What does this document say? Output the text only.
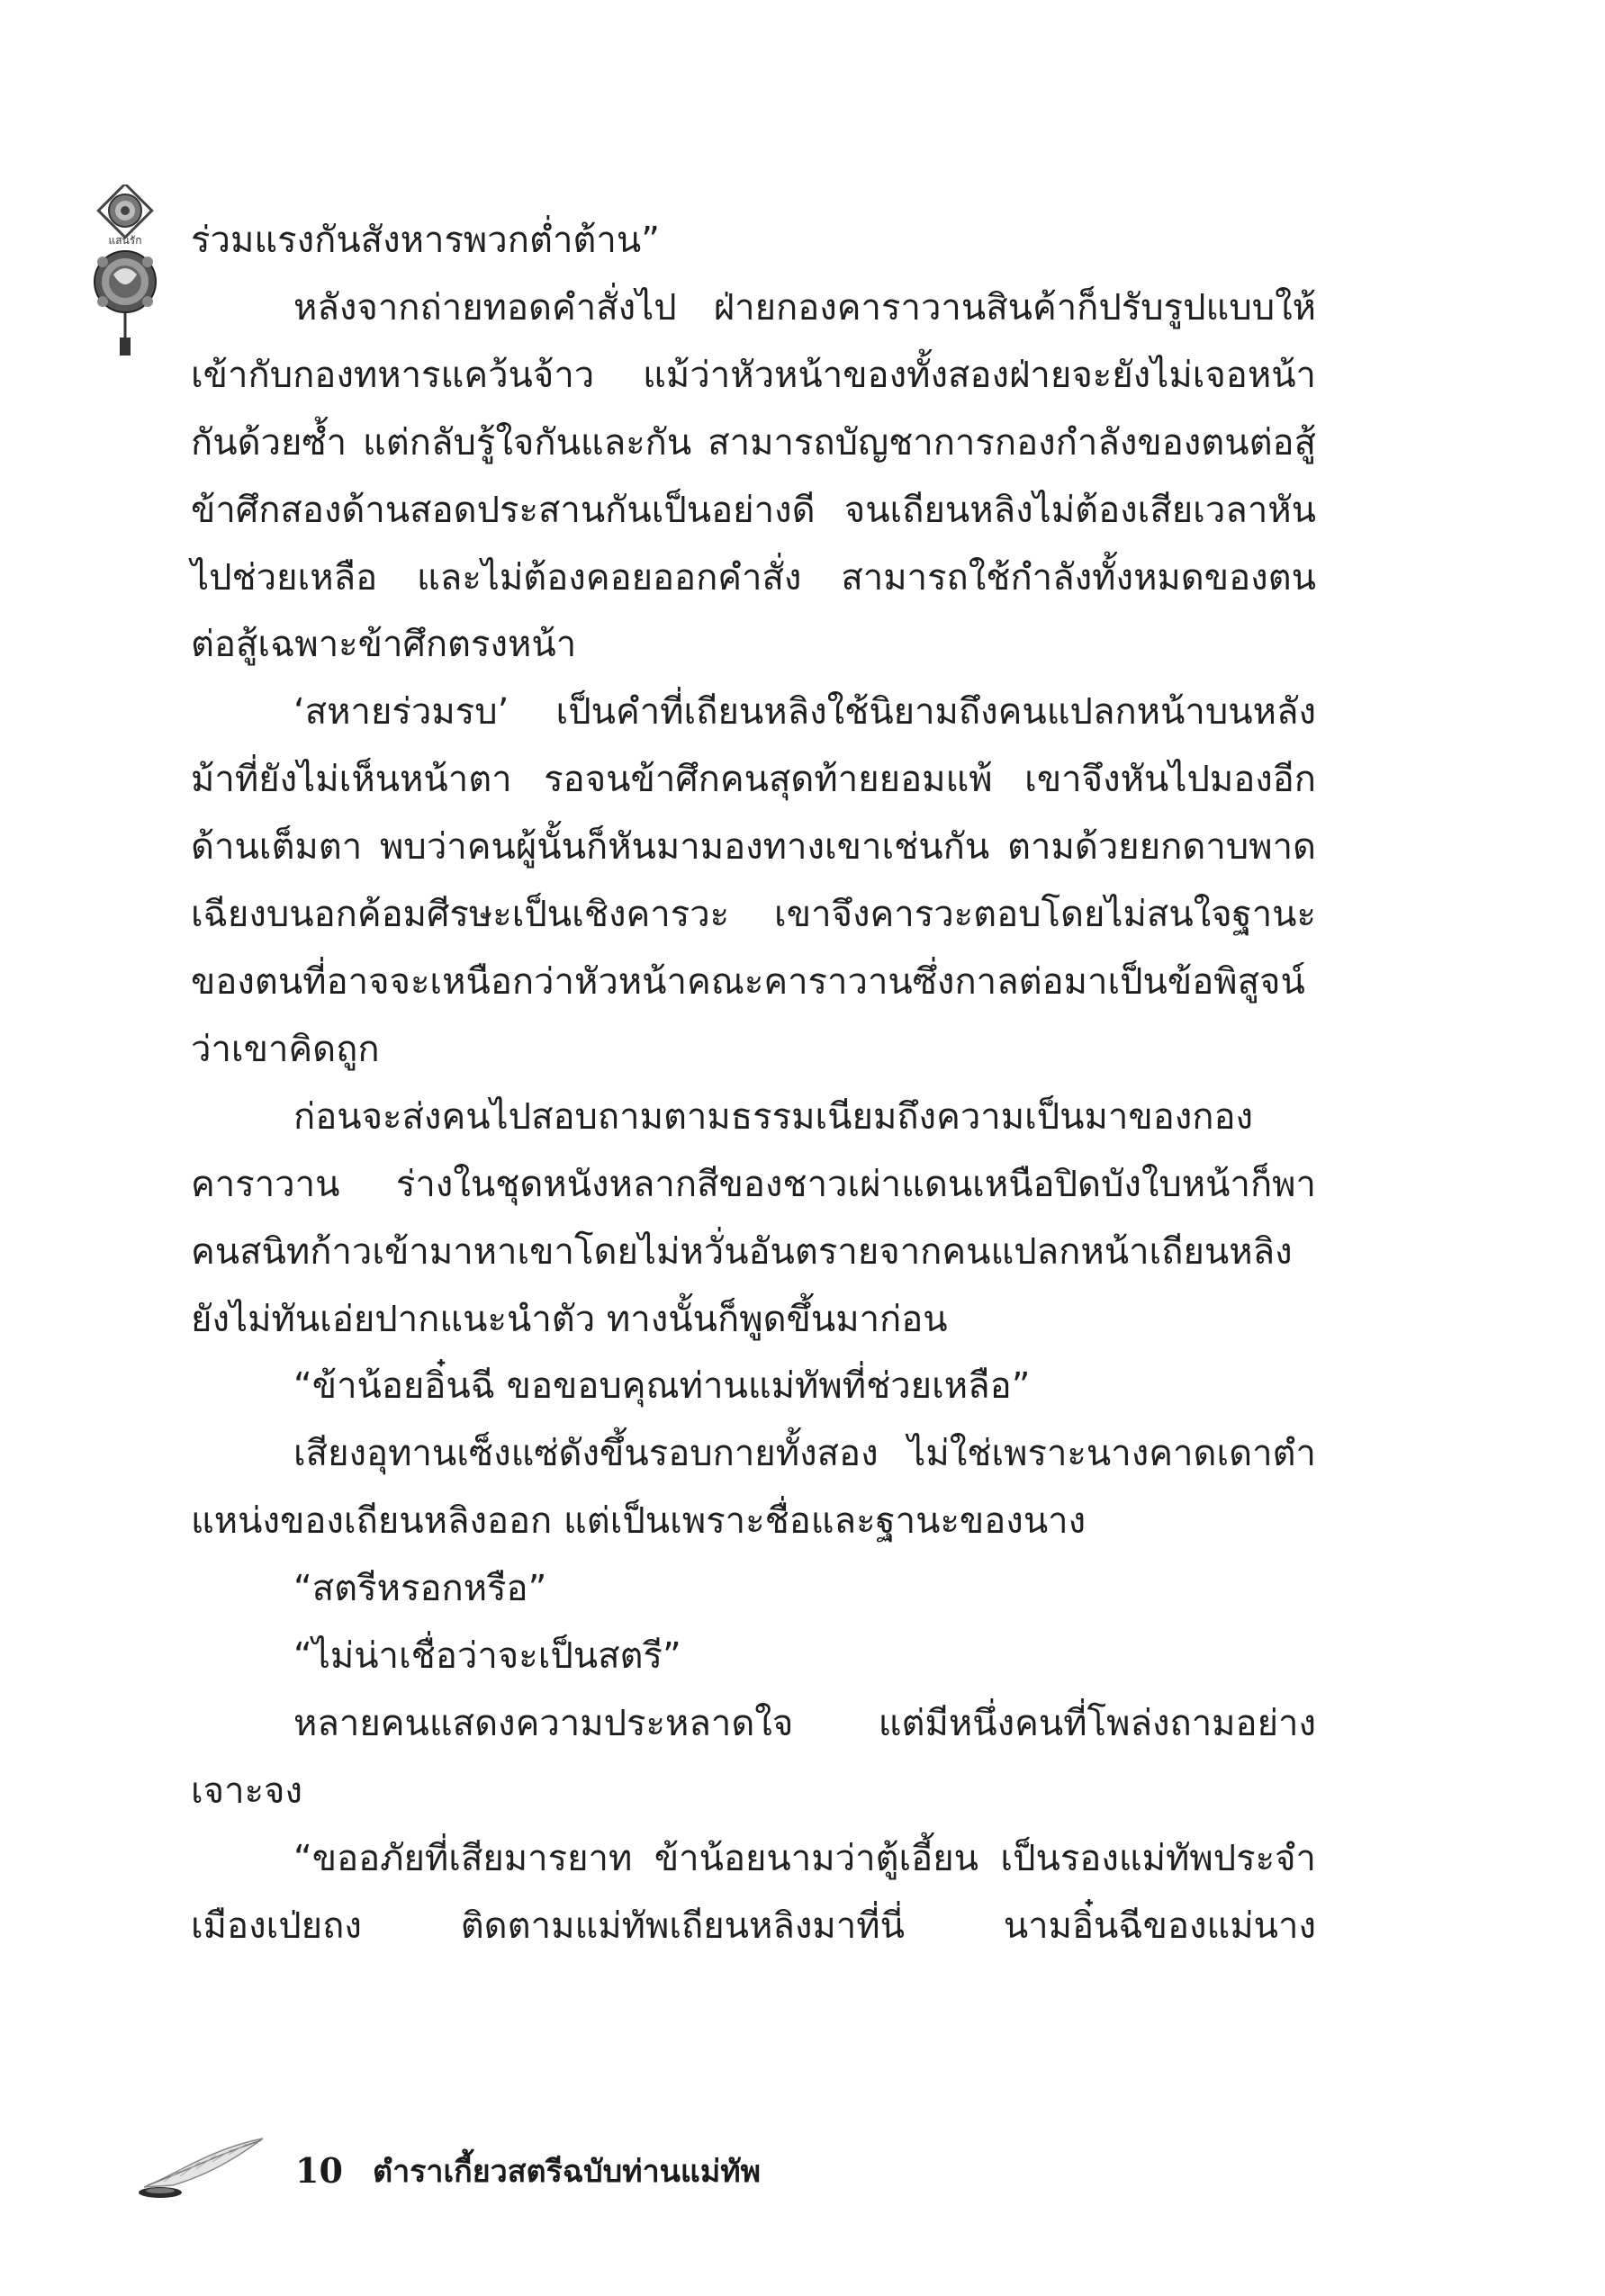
แสนรัก ร่วมแรงกันสังหารพวกต่ำต้าน”

หลังจากถ่ายทอดคำสั่งไป ฝ่ายกองคาราวานสินค้าก็ปรับรูปแบบให้เข้ากับกองทหารแคว้นจ้าว แม้ว่าหัวหน้าของทั้งสองฝ่ายจะยังไม่เจอหน้ากันด้วยซ้ำ แต่กลับรู้ใจกันและกัน สามารถบัญชาการกองกำลังของตนต่อสู้ข้าศึกสองด้านสอดประสานกันเป็นอย่างดี จนเถียนหลิงไม่ต้องเสียเวลาหันไปช่วยเหลือ และไม่ต้องคอยออกคำสั่ง สามารถใช้กำลังทั้งหมดของตนต่อสู้เฉพาะข้าศึกตรงหน้า

‘สหายร่วมรบ’ เป็นคำที่เถียนหลิงใช้นิยามถึงคนแปลกหน้าบนหลังม้าที่ยังไม่เห็นหน้าตา รอจนข้าศึกคนสุดท้ายยอมแพ้ เขาจึงหันไปมองอีกด้านเต็มตา พบว่าคนผู้นั้นก็หันมามองทางเขาเช่นกัน ตามด้วยยกดาบพาดเฉียงบนอกค้อมศีรษะเป็นเชิงคารวะ เขาจึงคารวะตอบโดยไม่สนใจฐานะของตนที่อาจจะเหนือกว่าหัวหน้าคณะคาราวานซึ่งกาลต่อมาเป็นข้อพิสูจน์ว่าเขาคิดถูก

ก่อนจะส่งคนไปสอบถามตามธรรมเนียมถึงความเป็นมาของกองคาราวาน ร่างในชุดหนังหลากสีของชาวเผ่าแดนเหนือปิดบังใบหน้าก็พาคนสนิทก้าวเข้ามาหาเขาโดยไม่หวั่นอันตรายจากคนแปลกหน้าเถียนหลิงยังไม่ทันเอ่ยปากแนะนำตัว ทางนั้นก็พูดขึ้นมาก่อน

“ข้าน้อยอิ๋นฉี ขอขอบคุณท่านแม่ทัพที่ช่วยเหลือ”

เสียงอุทานเซ็งแซ่ดังขึ้นรอบกายทั้งสอง ไม่ใช่เพราะนางคาดเดาตำแหน่งของเถียนหลิงออก แต่เป็นเพราะชื่อและฐานะของนาง

“สตรีหรอกหรือ”

“ไม่น่าเชื่อว่าจะเป็นสตรี”

หลายคนแสดงความประหลาดใจ แต่มีหนึ่งคนที่โพล่งถามอย่างเจาะจง

“ขออภัยที่เสียมารยาท ข้าน้อยนามว่าตู้เอี้ยน เป็นรองแม่ทัพประจำเมืองเป่ยถง ติดตามแม่ทัพเถียนหลิงมาที่นี่ นามอิ๋นฉีของแม่นาง

10 ตำราเกี้ยวสตรีฉบับท่านแม่ทัพ
